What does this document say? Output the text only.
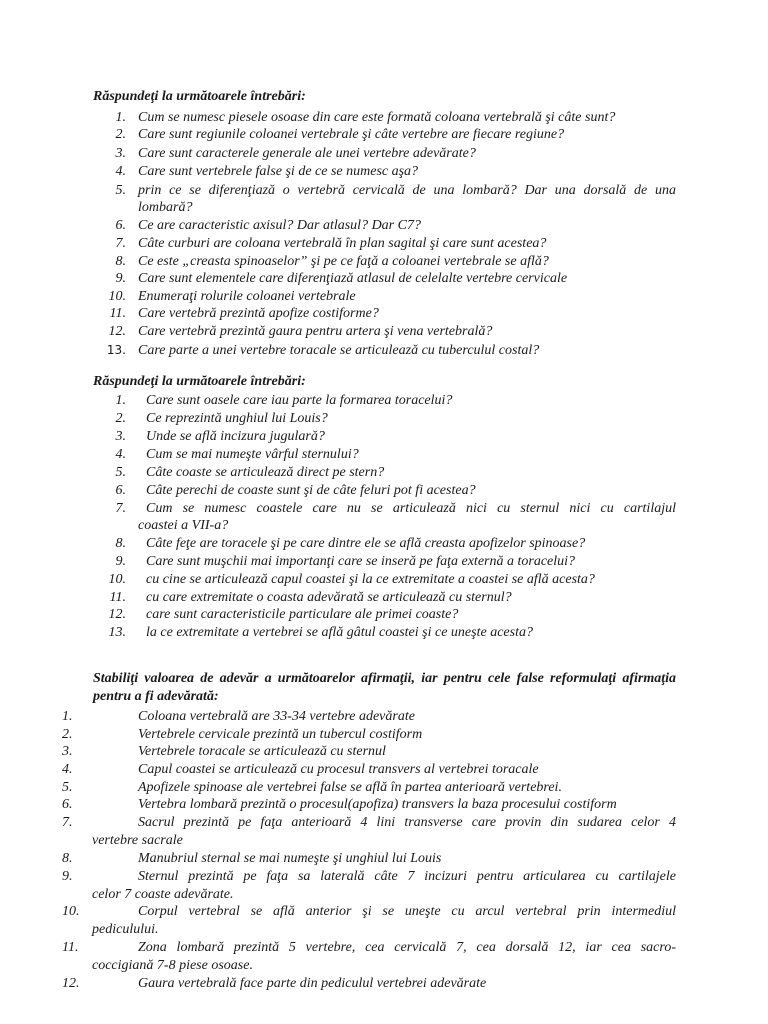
Răspundeţi la următoarele întrebări:
1. Cum se numesc piesele osoase din care este formată coloana vertebrală şi câte sunt?
2. Care sunt regiunile coloanei vertebrale şi câte vertebre are fiecare regiune?
3. Care sunt caracterele generale ale unei vertebre adevărate?
4. Care sunt vertebrele false şi de ce se numesc aşa?
5. prin ce se diferenţiază o vertebră cervicală de una lombară? Dar una dorsală de una
lombară?
6. Ce are caracteristic axisul? Dar atlasul? Dar C7?
7. Câte curburi are coloana vertebrală în plan sagital şi care sunt acestea?
8. Ce este „creasta spinoaselor” şi pe ce faţă a coloanei vertebrale se află?
9. Care sunt elementele care diferenţiază atlasul de celelalte vertebre cervicale
10. Enumeraţi rolurile coloanei vertebrale
11. Care vertebră prezintă apofize costiforme?
12. Care vertebră prezintă gaura pentru artera şi vena vertebrală?
13. Care parte a unei vertebre toracale se articulează cu tuberculul costal?
Răspundeţi la următoarele întrebări:
1. Care sunt oasele care iau parte la formarea toracelui?
2. Ce reprezintă unghiul lui Louis?
3. Unde se află incizura jugulară?
4. Cum se mai numeşte vârful sternului?
5. Câte coaste se articulează direct pe stern?
6. Câte perechi de coaste sunt şi de câte feluri pot fi acestea?
7. Cum se numesc coastele care nu se articulează nici cu sternul nici cu cartilajul
coastei a VII-a?
8. Câte feţe are toracele şi pe care dintre ele se află creasta apofizelor spinoase?
9. Care sunt muşchii mai importanţi care se inseră pe faţa externă a toracelui?
10. cu cine se articulează capul coastei şi la ce extremitate a coastei se află acesta?
11. cu care extremitate o coasta adevărată se articulează cu sternul?
12. care sunt caracteristicile particulare ale primei coaste?
13. la ce extremitate a vertebrei se află gâtul coastei şi ce uneşte acesta?
Stabiliţi valoarea de adevăr a următoarelor afirmaţii, iar pentru cele false reformulaţi afirmaţia pentru a fi adevărată:
1.	Coloana vertebrală are 33-34 vertebre adevărate
2.	Vertebrele cervicale prezintă un tubercul costiform
3.	Vertebrele toracale se articulează cu sternul
4.	Capul coastei se articulează cu procesul transvers al vertebrei toracale
5.	Apofizele spinoase ale vertebrei false se află în partea anterioară vertebrei.
6.	Vertebra lombară prezintă o procesul(apofiza) transvers la baza procesului costiform
7.	Sacrul prezintă pe faţa anterioară 4 lini transverse care provin din sudarea celor 4
vertebre sacrale
8.	Manubriul sternal se mai numeşte şi unghiul lui Louis
9.	Sternul prezintă pe faţa sa laterală câte 7 incizuri pentru articularea cu cartilajele
celor 7 coaste adevărate.
10.	Corpul vertebral se află anterior şi se uneşte cu arcul vertebral prin intermediul
pediculului.
11.	Zona lombară prezintă 5 vertebre, cea cervicală 7, cea dorsală 12, iar cea sacro-
coccigiană 7-8 piese osoase.
12.	Gaura vertebrală face parte din pediculul vertebrei adevărate
